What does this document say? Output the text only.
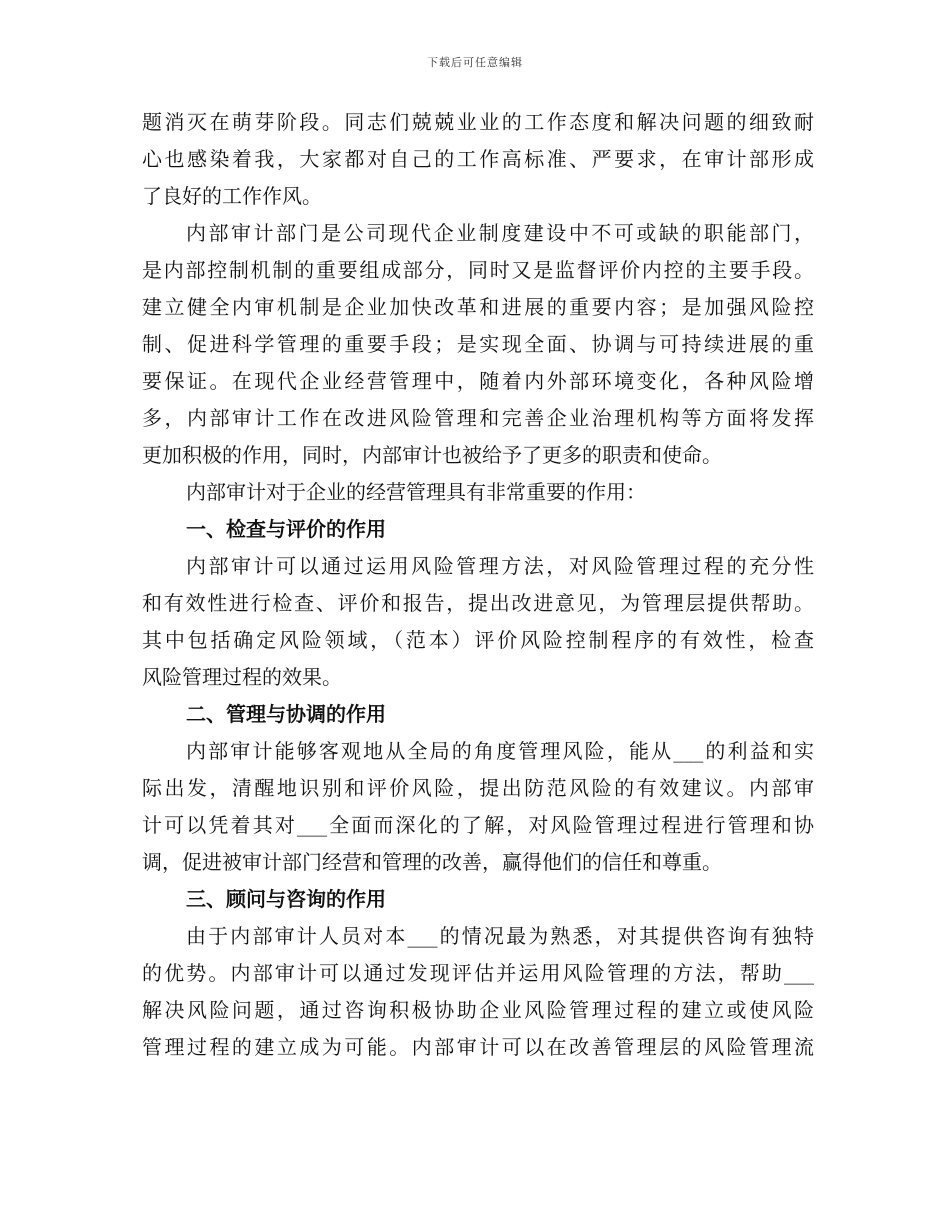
下载后可任意编辑
题消灭在萌芽阶段。同志们兢兢业业的工作态度和解决问题的细致耐
心也感染着我，大家都对自己的工作高标准、严要求，在审计部形成
了良好的工作作风。
内部审计部门是公司现代企业制度建设中不可或缺的职能部门，
是内部控制机制的重要组成部分，同时又是监督评价内控的主要手段。
建立健全内审机制是企业加快改革和进展的重要内容；是加强风险控
制、促进科学管理的重要手段；是实现全面、协调与可持续进展的重
要保证。在现代企业经营管理中，随着内外部环境变化，各种风险增
多，内部审计工作在改进风险管理和完善企业治理机构等方面将发挥
更加积极的作用，同时，内部审计也被给予了更多的职责和使命。
内部审计对于企业的经营管理具有非常重要的作用：
一、检查与评价的作用
内部审计可以通过运用风险管理方法，对风险管理过程的充分性
和有效性进行检查、评价和报告，提出改进意见，为管理层提供帮助。
其中包括确定风险领域，（范本）评价风险控制程序的有效性，检查
风险管理过程的效果。
二、管理与协调的作用
内部审计能够客观地从全局的角度管理风险，能从___的利益和实
际出发，清醒地识别和评价风险，提出防范风险的有效建议。内部审
计可以凭着其对___全面而深化的了解，对风险管理过程进行管理和协
调，促进被审计部门经营和管理的改善，赢得他们的信任和尊重。
三、顾问与咨询的作用
由于内部审计人员对本___的情况最为熟悉，对其提供咨询有独特
的优势。内部审计可以通过发现评估并运用风险管理的方法，帮助___
解决风险问题，通过咨询积极协助企业风险管理过程的建立或使风险
管理过程的建立成为可能。内部审计可以在改善管理层的风险管理流
